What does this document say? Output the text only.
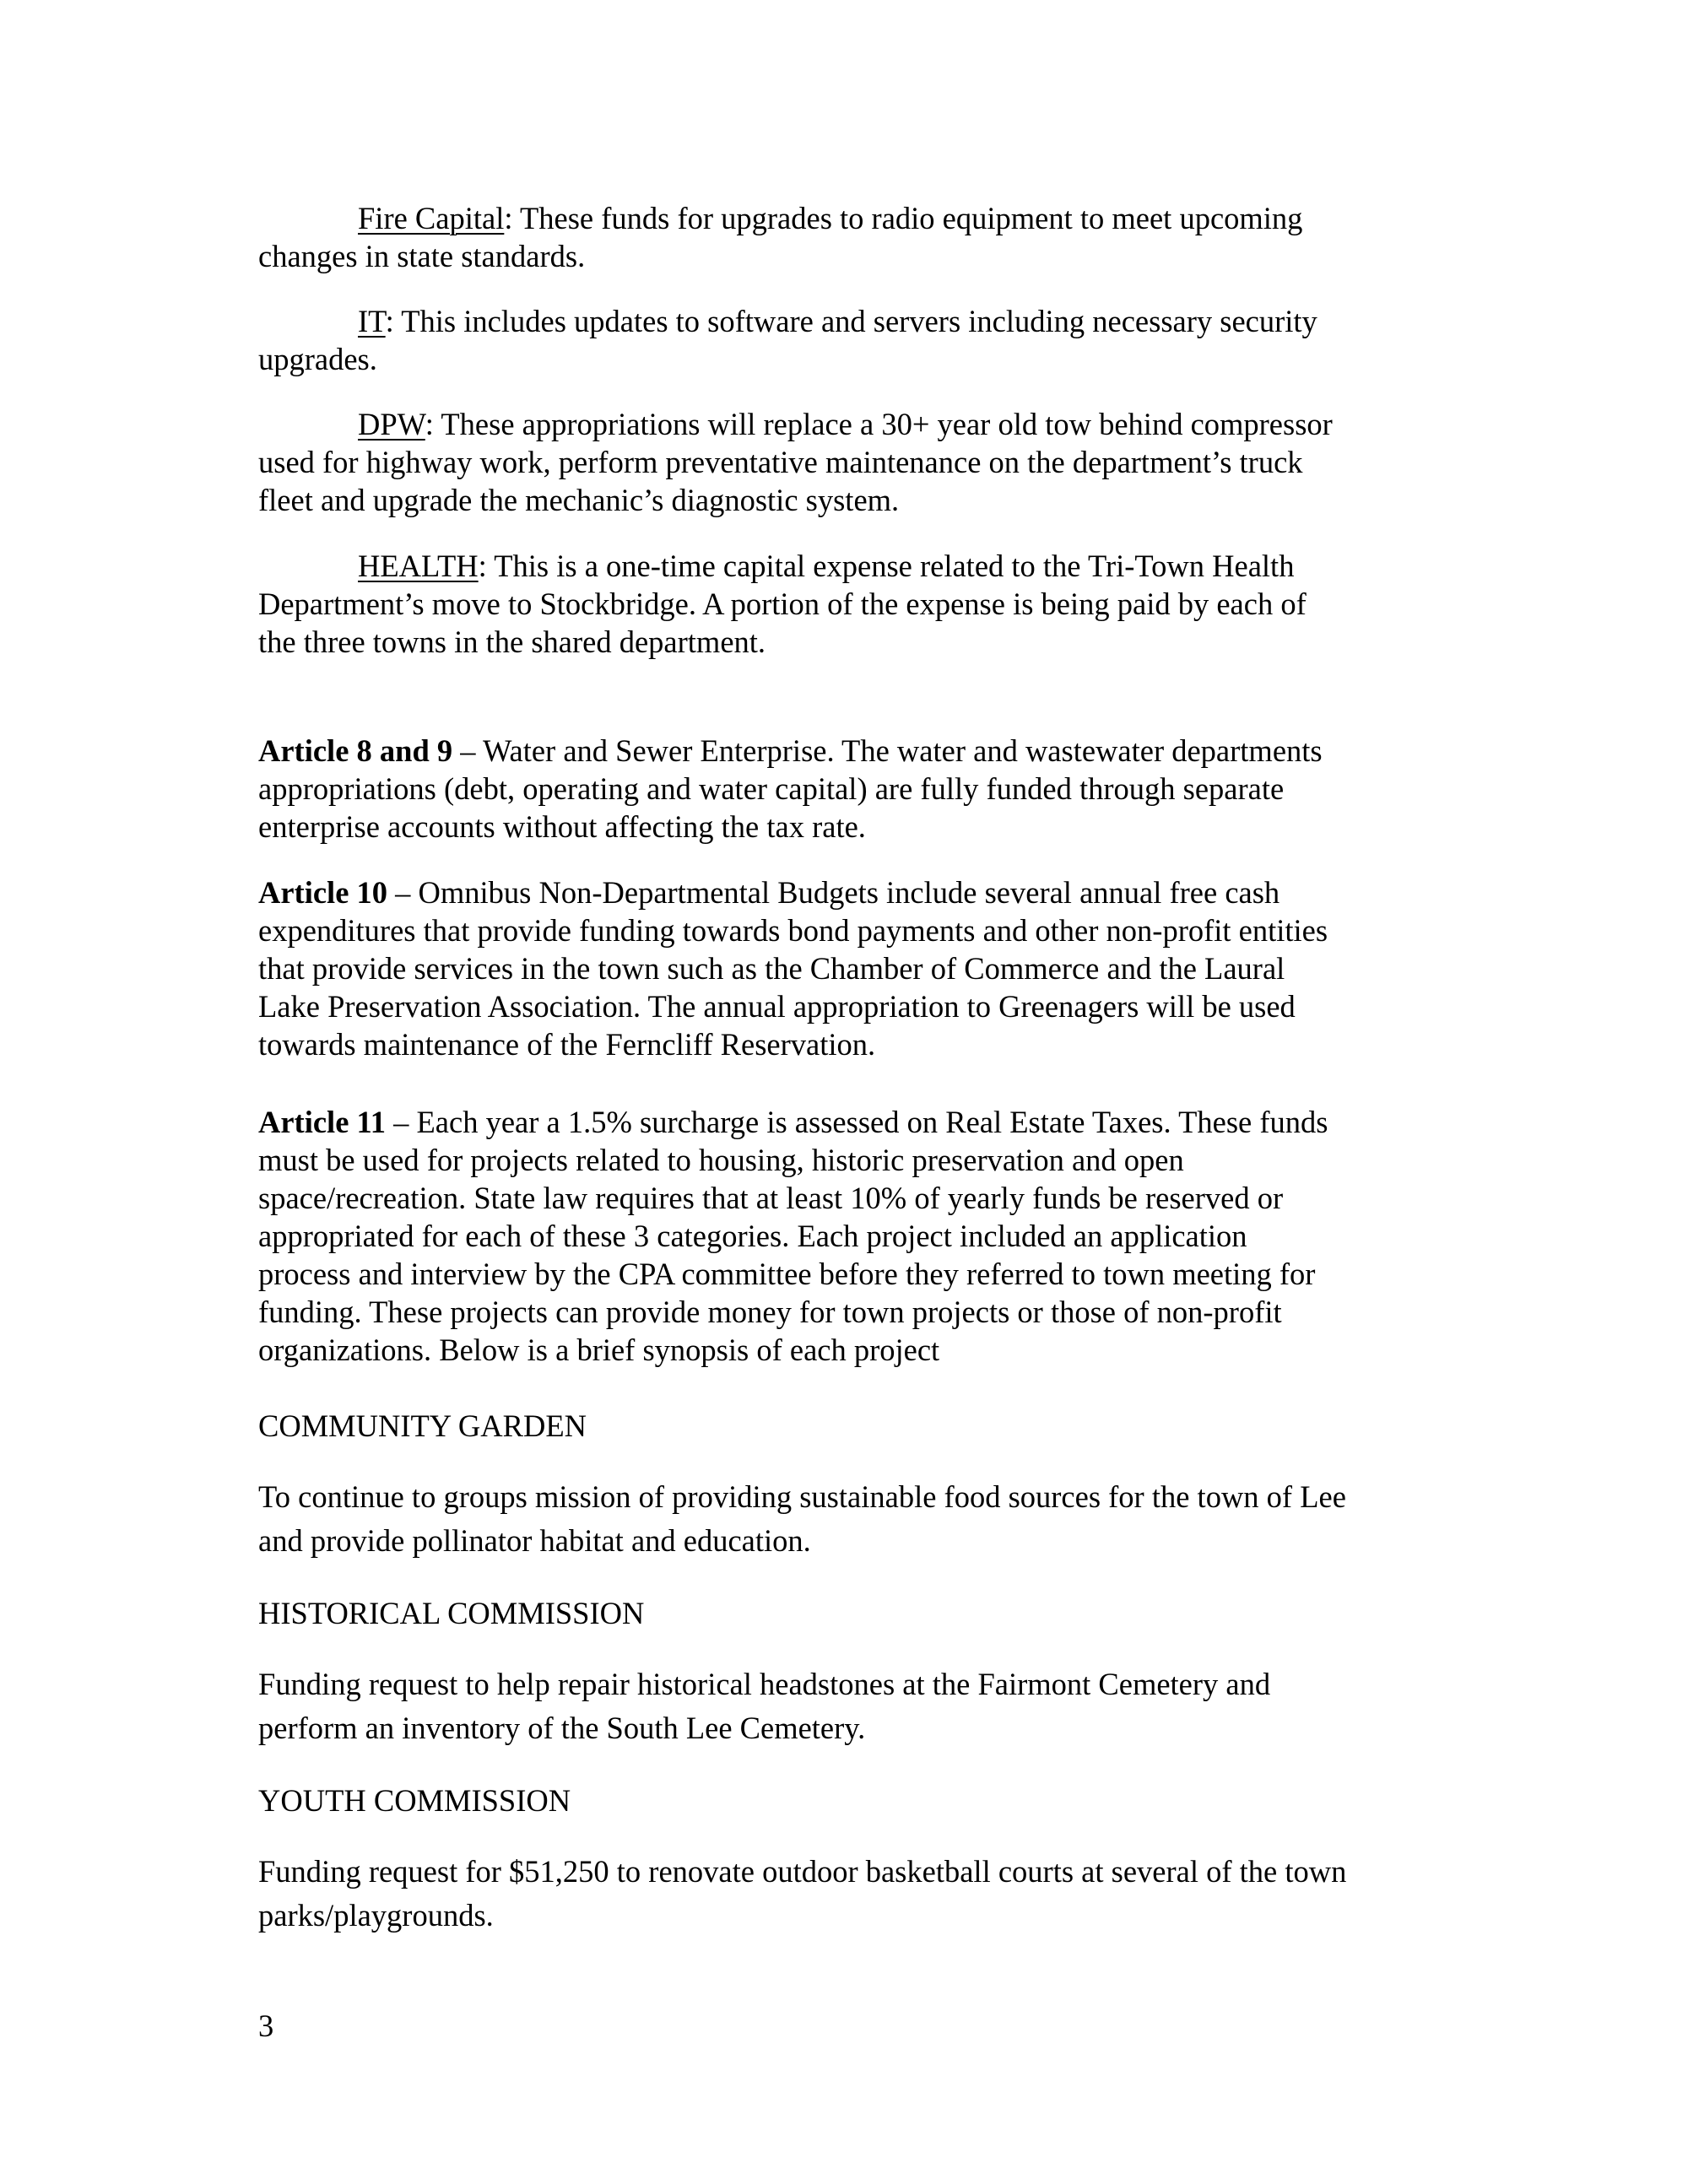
Fire Capital: These funds for upgrades to radio equipment to meet upcoming
changes in state standards.

IT: This includes updates to software and servers including necessary security
upgrades.

DPW: These appropriations will replace a 30+ year old tow behind compressor
used for highway work, perform preventative maintenance on the department’s truck
fleet and upgrade the mechanic’s diagnostic system.

HEALTH: This is a one-time capital expense related to the Tri-Town Health
Department’s move to Stockbridge. A portion of the expense is being paid by each of
the three towns in the shared department.

Article 8 and 9 – Water and Sewer Enterprise. The water and wastewater departments
appropriations (debt, operating and water capital) are fully funded through separate
enterprise accounts without affecting the tax rate.

Article 10 – Omnibus Non-Departmental Budgets include several annual free cash
expenditures that provide funding towards bond payments and other non-profit entities
that provide services in the town such as the Chamber of Commerce and the Laural
Lake Preservation Association. The annual appropriation to Greenagers will be used
towards maintenance of the Ferncliff Reservation.

Article 11 – Each year a 1.5% surcharge is assessed on Real Estate Taxes. These funds
must be used for projects related to housing, historic preservation and open
space/recreation. State law requires that at least 10% of yearly funds be reserved or
appropriated for each of these 3 categories. Each project included an application
process and interview by the CPA committee before they referred to town meeting for
funding. These projects can provide money for town projects or those of non-profit
organizations. Below is a brief synopsis of each project

COMMUNITY GARDEN

To continue to groups mission of providing sustainable food sources for the town of Lee
and provide pollinator habitat and education.

HISTORICAL COMMISSION

Funding request to help repair historical headstones at the Fairmont Cemetery and
perform an inventory of the South Lee Cemetery.

YOUTH COMMISSION

Funding request for $51,250 to renovate outdoor basketball courts at several of the town
parks/playgrounds.

3
